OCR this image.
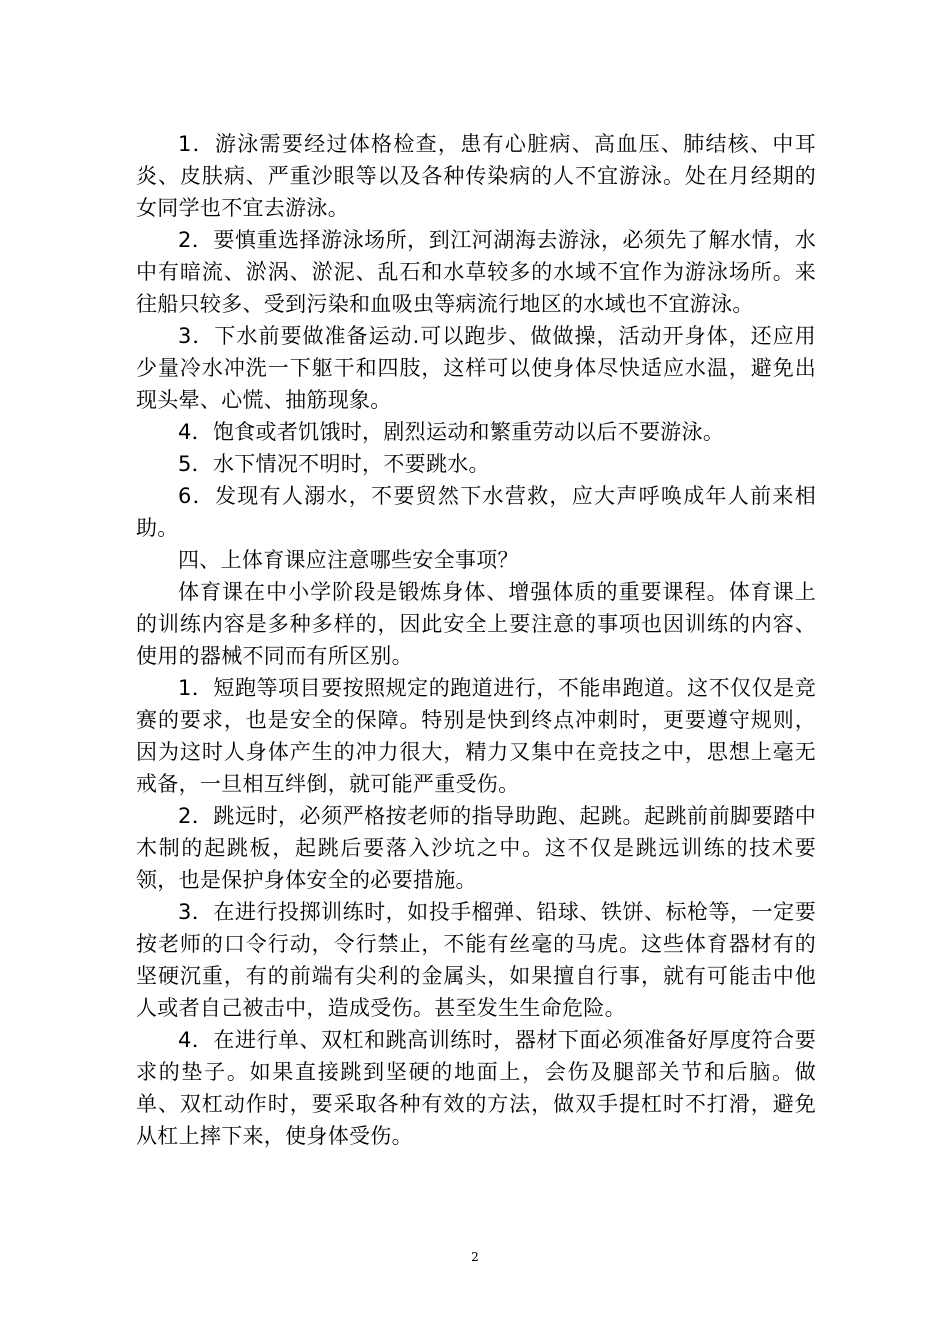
1．游泳需要经过体格检查，患有心脏病、高血压、肺结核、中耳炎、皮肤病、严重沙眼等以及各种传染病的人不宜游泳。处在月经期的女同学也不宜去游泳。

2．要慎重选择游泳场所，到江河湖海去游泳，必须先了解水情，水中有暗流、淤涡、淤泥、乱石和水草较多的水域不宜作为游泳场所。来往船只较多、受到污染和血吸虫等病流行地区的水域也不宜游泳。

3．下水前要做准备运动.可以跑步、做做操，活动开身体，还应用少量冷水冲洗一下躯干和四肢，这样可以使身体尽快适应水温，避免出现头晕、心慌、抽筋现象。

4．饱食或者饥饿时，剧烈运动和繁重劳动以后不要游泳。

5．水下情况不明时，不要跳水。

6．发现有人溺水，不要贸然下水营救，应大声呼唤成年人前来相助。

四、上体育课应注意哪些安全事项？

体育课在中小学阶段是锻炼身体、增强体质的重要课程。体育课上的训练内容是多种多样的，因此安全上要注意的事项也因训练的内容、使用的器械不同而有所区别。

1．短跑等项目要按照规定的跑道进行，不能串跑道。这不仅仅是竞赛的要求，也是安全的保障。特别是快到终点冲刺时，更要遵守规则，因为这时人身体产生的冲力很大，精力又集中在竞技之中，思想上毫无戒备，一旦相互绊倒，就可能严重受伤。

2．跳远时，必须严格按老师的指导助跑、起跳。起跳前前脚要踏中木制的起跳板，起跳后要落入沙坑之中。这不仅是跳远训练的技术要领，也是保护身体安全的必要措施。

3．在进行投掷训练时，如投手榴弹、铅球、铁饼、标枪等，一定要按老师的口令行动，令行禁止，不能有丝毫的马虎。这些体育器材有的坚硬沉重，有的前端有尖利的金属头，如果擅自行事，就有可能击中他人或者自己被击中，造成受伤。甚至发生生命危险。

4．在进行单、双杠和跳高训练时，器材下面必须准备好厚度符合要求的垫子。如果直接跳到坚硬的地面上，会伤及腿部关节和后脑。做单、双杠动作时，要采取各种有效的方法，做双手提杠时不打滑，避免从杠上摔下来，使身体受伤。

2
